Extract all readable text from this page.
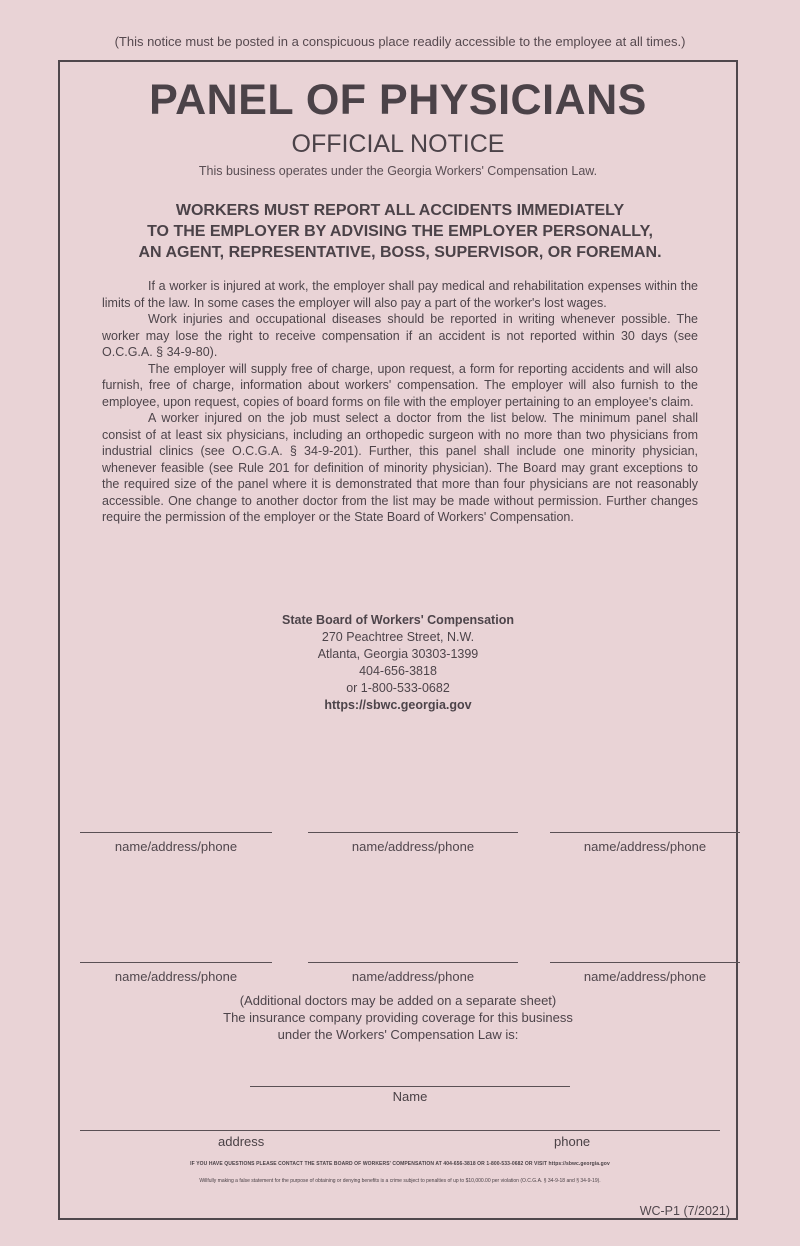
(This notice must be posted in a conspicuous place readily accessible to the employee at all times.)
PANEL OF PHYSICIANS
OFFICIAL NOTICE
This business operates under the Georgia Workers' Compensation Law.
WORKERS MUST REPORT ALL ACCIDENTS IMMEDIATELY
TO THE EMPLOYER BY ADVISING THE EMPLOYER PERSONALLY,
AN AGENT, REPRESENTATIVE, BOSS, SUPERVISOR, OR FOREMAN.

If a worker is injured at work, the employer shall pay medical and rehabilitation expenses within the limits of the law. In some cases the employer will also pay a part of the worker's lost wages.

Work injuries and occupational diseases should be reported in writing whenever possible. The worker may lose the right to receive compensation if an accident is not reported within 30 days (see O.C.G.A. § 34-9-80).

The employer will supply free of charge, upon request, a form for reporting accidents and will also furnish, free of charge, information about workers' compensation. The employer will also furnish to the employee, upon request, copies of board forms on file with the employer pertaining to an employee's claim.

A worker injured on the job must select a doctor from the list below. The minimum panel shall consist of at least six physicians, including an orthopedic surgeon with no more than two physicians from industrial clinics (see O.C.G.A. § 34-9-201). Further, this panel shall include one minority physician, whenever feasible (see Rule 201 for definition of minority physician). The Board may grant exceptions to the required size of the panel where it is demonstrated that more than four physicians are not reasonably accessible. One change to another doctor from the list may be made without permission. Further changes require the permission of the employer or the State Board of Workers' Compensation.

State Board of Workers' Compensation
270 Peachtree Street, N.W.
Atlanta, Georgia 30303-1399
404-656-3818
or 1-800-533-0682
https://sbwc.georgia.gov
name/address/phone	name/address/phone	name/address/phone
name/address/phone	name/address/phone	name/address/phone
(Additional doctors may be added on a separate sheet)
The insurance company providing coverage for this business
under the Workers' Compensation Law is:
Name
address	phone
IF YOU HAVE QUESTIONS PLEASE CONTACT THE STATE BOARD OF WORKERS' COMPENSATION AT 404-656-3818 OR 1-800-533-0682 OR VISIT https://sbwc.georgia.gov
Willfully making a false statement for the purpose of obtaining or denying benefits is a crime subject to penalties of up to $10,000.00 per violation (O.C.G.A. § 34-9-18 and § 34-9-19).
WC-P1 (7/2021)
